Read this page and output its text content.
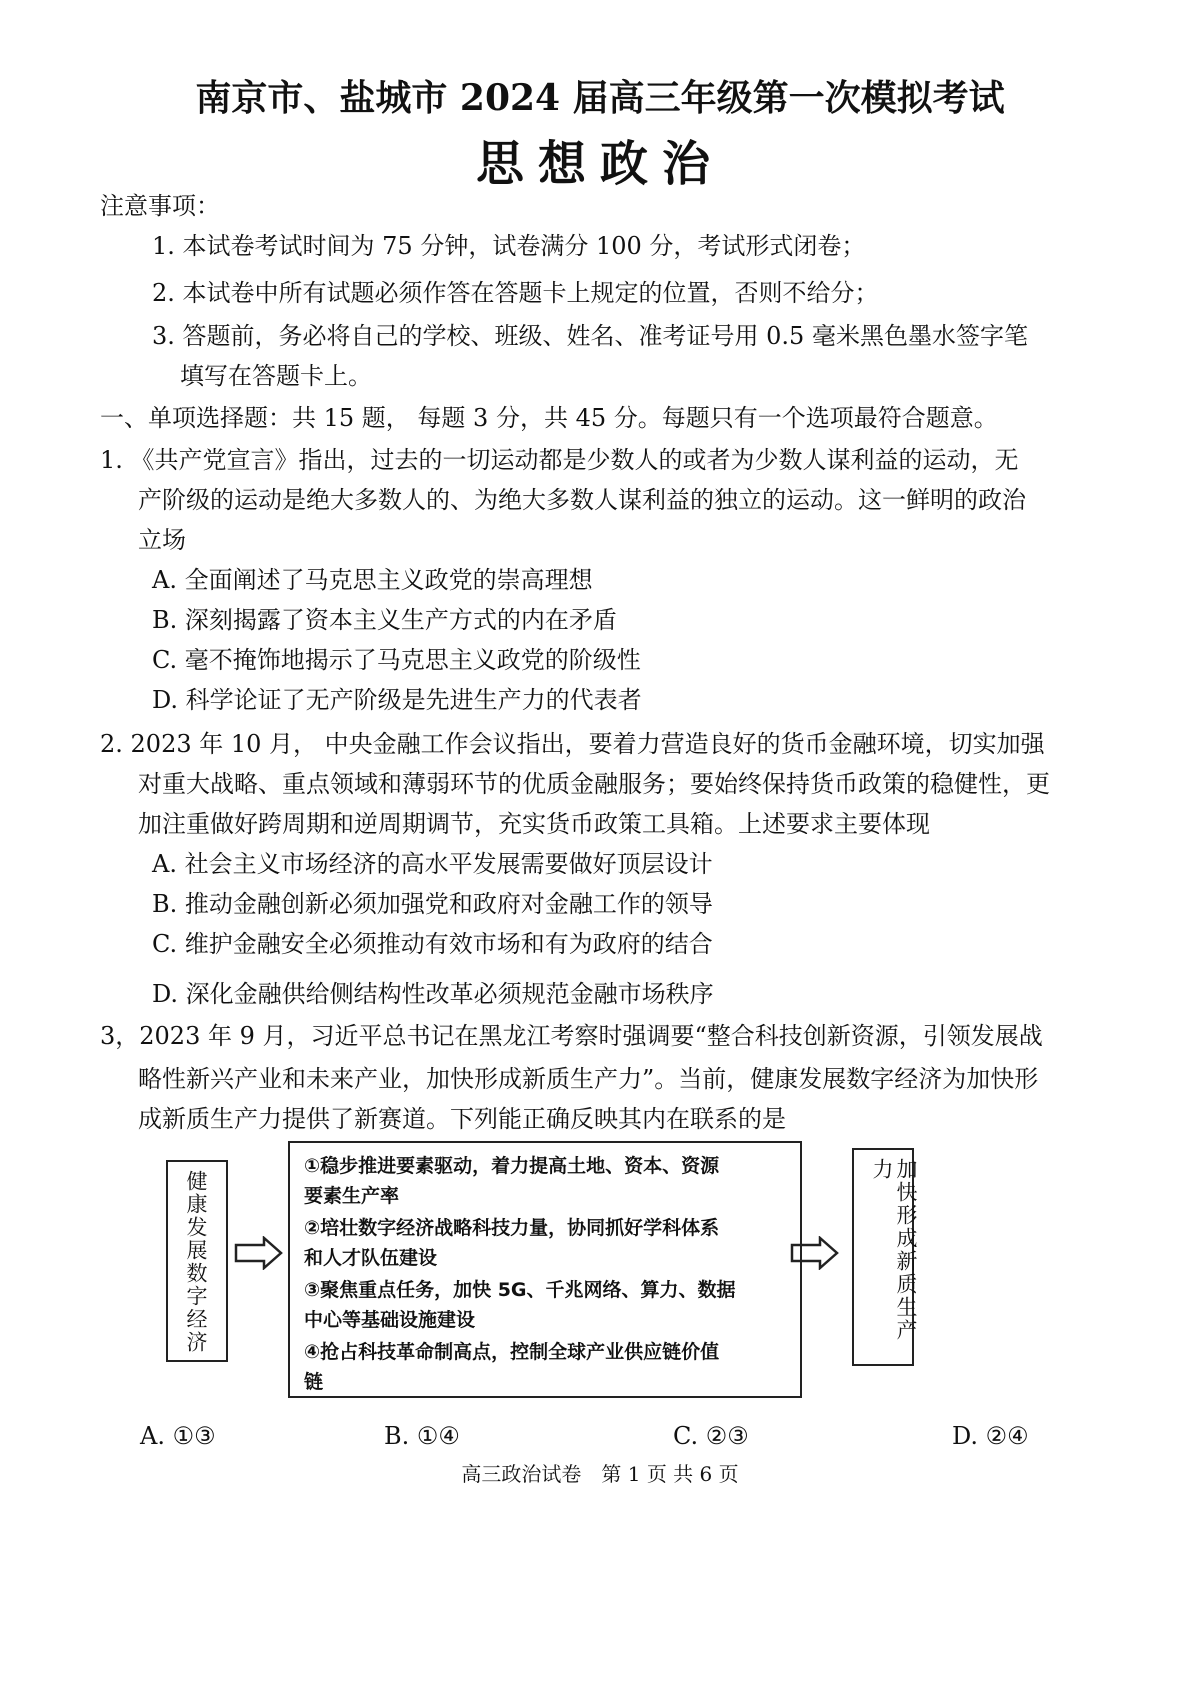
南京市、盐城市 2024 届高三年级第一次模拟考试
思想政治
注意事项：
1. 本试卷考试时间为 75 分钟，试卷满分 100 分，考试形式闭卷；
2. 本试卷中所有试题必须作答在答题卡上规定的位置，否则不给分；
3. 答题前，务必将自己的学校、班级、姓名、准考证号用 0.5 毫米黑色墨水签字笔
填写在答题卡上。
一、单项选择题：共 15 题， 每题 3 分，共 45 分。每题只有一个选项最符合题意。
1. 《共产党宣言》指出，过去的一切运动都是少数人的或者为少数人谋利益的运动，无
产阶级的运动是绝大多数人的、为绝大多数人谋利益的独立的运动。这一鲜明的政治
立场
A. 全面阐述了马克思主义政党的崇高理想
B. 深刻揭露了资本主义生产方式的内在矛盾
C. 毫不掩饰地揭示了马克思主义政党的阶级性
D. 科学论证了无产阶级是先进生产力的代表者
2. 2023 年 10 月， 中央金融工作会议指出，要着力营造良好的货币金融环境，切实加强
对重大战略、重点领域和薄弱环节的优质金融服务；要始终保持货币政策的稳健性，更
加注重做好跨周期和逆周期调节，充实货币政策工具箱。上述要求主要体现
A. 社会主义市场经济的高水平发展需要做好顶层设计
B. 推动金融创新必须加强党和政府对金融工作的领导
C. 维护金融安全必须推动有效市场和有为政府的结合
D. 深化金融供给侧结构性改革必须规范金融市场秩序
3，2023 年 9 月，习近平总书记在黑龙江考察时强调要“整合科技创新资源，引领发展战
略性新兴产业和未来产业，加快形成新质生产力”。当前，健康发展数字经济为加快形
成新质生产力提供了新赛道。下列能正确反映其内在联系的是
健康发展数字经济
①稳步推进要素驱动，着力提高土地、资本、资源
要素生产率
②培壮数字经济战略科技力量，协同抓好学科体系
和人才队伍建设
③聚焦重点任务，加快 5G、千兆网络、算力、数据
中心等基础设施建设
④抢占科技革命制高点，控制全球产业供应链价值
链
加快形成新质生产力
A. ①③	B. ①④	C. ②③	D. ②④
高三政治试卷　第 1 页 共 6 页
